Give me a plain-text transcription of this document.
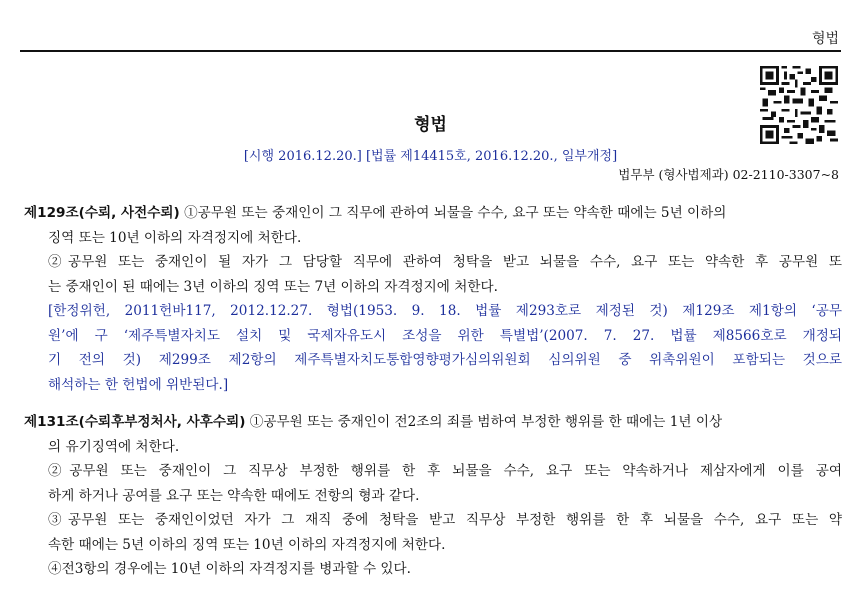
형법
형법
[시행 2016.12.20.] [법률 제14415호, 2016.12.20., 일부개정]
법무부 (형사법제과) 02-2110-3307~8
제129조(수뢰, 사전수뢰) ①공무원 또는 중재인이 그 직무에 관하여 뇌물을 수수, 요구 또는 약속한 때에는 5년 이하의
징역 또는 10년 이하의 자격정지에 처한다.
②공무원 또는 중재인이 될 자가 그 담당할 직무에 관하여 청탁을 받고 뇌물을 수수, 요구 또는 약속한 후 공무원 또
는 중재인이 된 때에는 3년 이하의 징역 또는 7년 이하의 자격정지에 처한다.
[한정위헌, 2011헌바117, 2012.12.27. 형법(1953. 9. 18. 법률 제293호로 제정된 것) 제129조 제1항의 ‘공무
원’에 구 ‘제주특별자치도 설치 및 국제자유도시 조성을 위한 특별법’(2007. 7. 27. 법률 제8566호로 개정되
기 전의 것) 제299조 제2항의 제주특별자치도통합영향평가심의위원회 심의위원 중 위촉위원이 포함되는 것으로
해석하는 한 헌법에 위반된다.]
제131조(수뢰후부정처사, 사후수뢰) ①공무원 또는 중재인이 전2조의 죄를 범하여 부정한 행위를 한 때에는 1년 이상
의 유기징역에 처한다.
②공무원 또는 중재인이 그 직무상 부정한 행위를 한 후 뇌물을 수수, 요구 또는 약속하거나 제삼자에게 이를 공여
하게 하거나 공여를 요구 또는 약속한 때에도 전항의 형과 같다.
③공무원 또는 중재인이었던 자가 그 재직 중에 청탁을 받고 직무상 부정한 행위를 한 후 뇌물을 수수, 요구 또는 약
속한 때에는 5년 이하의 징역 또는 10년 이하의 자격정지에 처한다.
④전3항의 경우에는 10년 이하의 자격정지를 병과할 수 있다.
